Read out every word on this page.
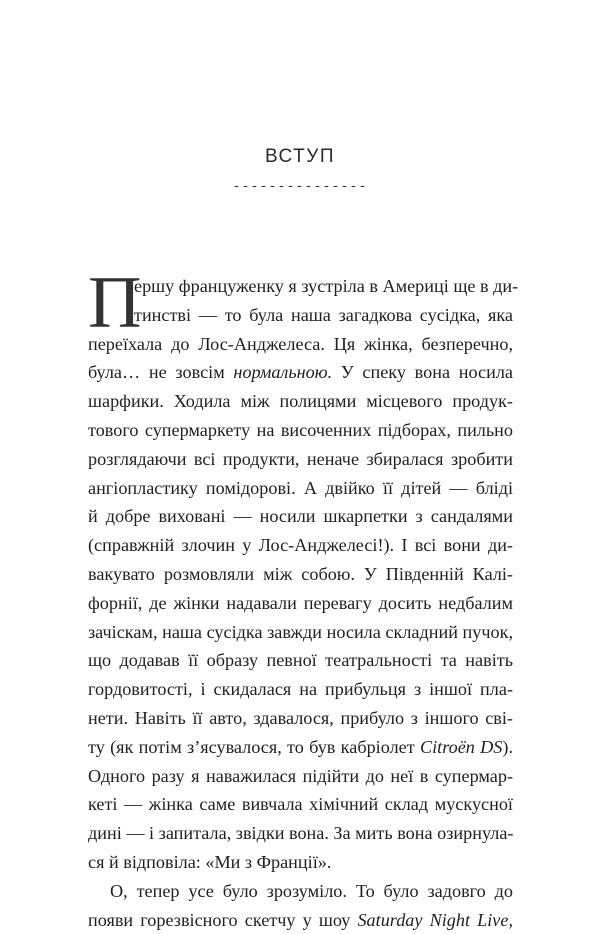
ВСТУП
---------------
П
ершу француженку я зустріла в Америці ще в ди-
тинстві — то була наша загадкова сусідка, яка
переїхала до Лос-Анджелеса. Ця жінка, безперечно,
була… не зовсім нормальною. У спеку вона носила
шарфики. Ходила між полицями місцевого продук-
тового супермаркету на височенних підборах, пильно
розглядаючи всі продукти, неначе збиралася зробити
ангіопластику помідорові. А двійко її дітей — бліді
й добре виховані — носили шкарпетки з сандалями
(справжній злочин у Лос-Анджелесі!). І всі вони ди-
вакувато розмовляли між собою. У Південній Калі-
форнії, де жінки надавали перевагу досить недбалим
зачіскам, наша сусідка завжди носила складний пучок,
що додавав її образу певної театральності та навіть
гордовитості, і скидалася на прибульця з іншої пла-
нети. Навіть її авто, здавалося, прибуло з іншого сві-
ту (як потім з’ясувалося, то був кабріолет Citroën DS).
Одного разу я наважилася підійти до неї в супермар-
кеті — жінка саме вивчала хімічний склад мускусної
дині — і запитала, звідки вона. За мить вона озирнула-
ся й відповіла: «Ми з Франції».
О, тепер усе було зрозуміло. То було задовго до
появи горезвісного скетчу у шоу Saturday Night Live,
